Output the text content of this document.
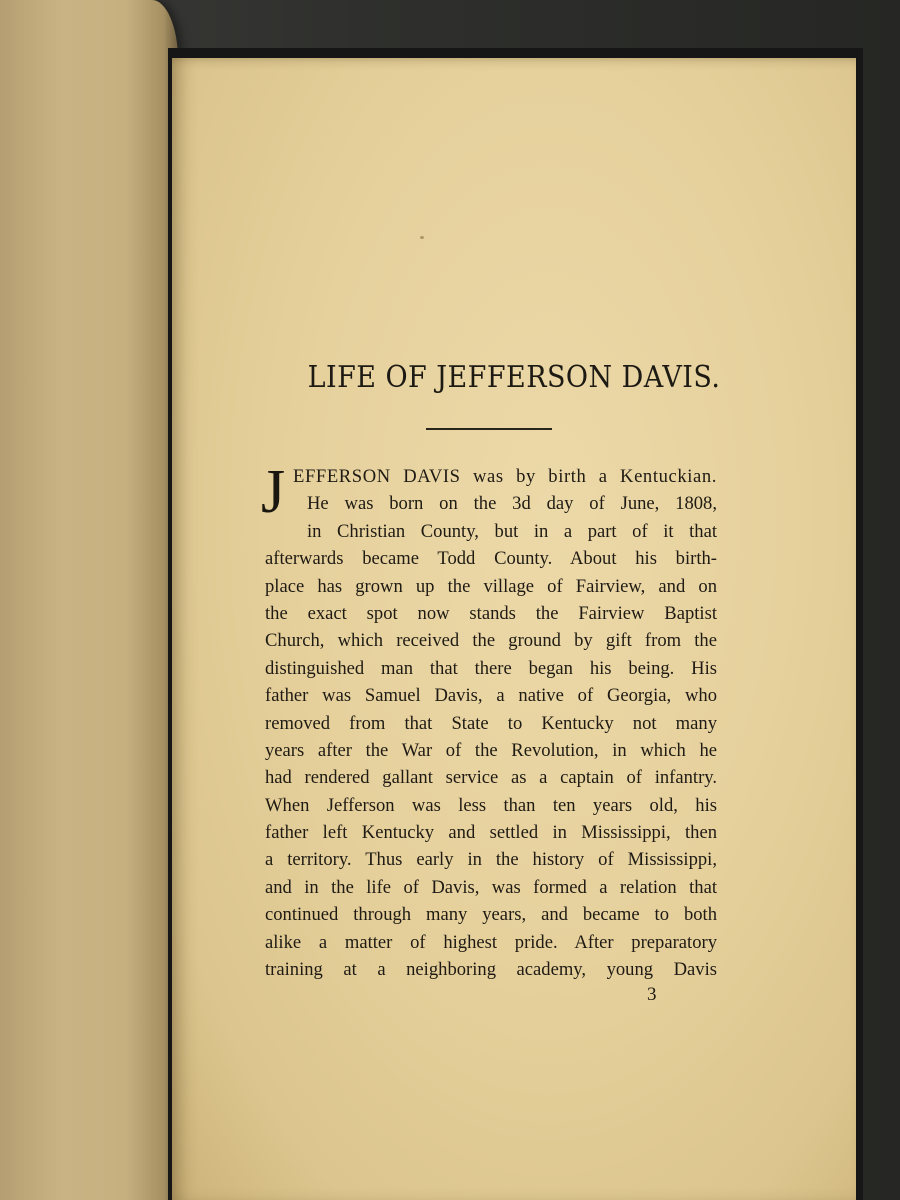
LIFE OF JEFFERSON DAVIS.
J EFFERSON DAVIS was by birth a Kentuckian.
He was born on the 3d day of June, 1808,
in Christian County, but in a part of it that
afterwards became Todd County. About his birth-
place has grown up the village of Fairview, and on
the exact spot now stands the Fairview Baptist
Church, which received the ground by gift from the
distinguished man that there began his being. His
father was Samuel Davis, a native of Georgia, who
removed from that State to Kentucky not many
years after the War of the Revolution, in which he
had rendered gallant service as a captain of infantry.
When Jefferson was less than ten years old, his
father left Kentucky and settled in Mississippi, then
a territory. Thus early in the history of Mississippi,
and in the life of Davis, was formed a relation that
continued through many years, and became to both
alike a matter of highest pride. After preparatory
training at a neighboring academy, young Davis
3
